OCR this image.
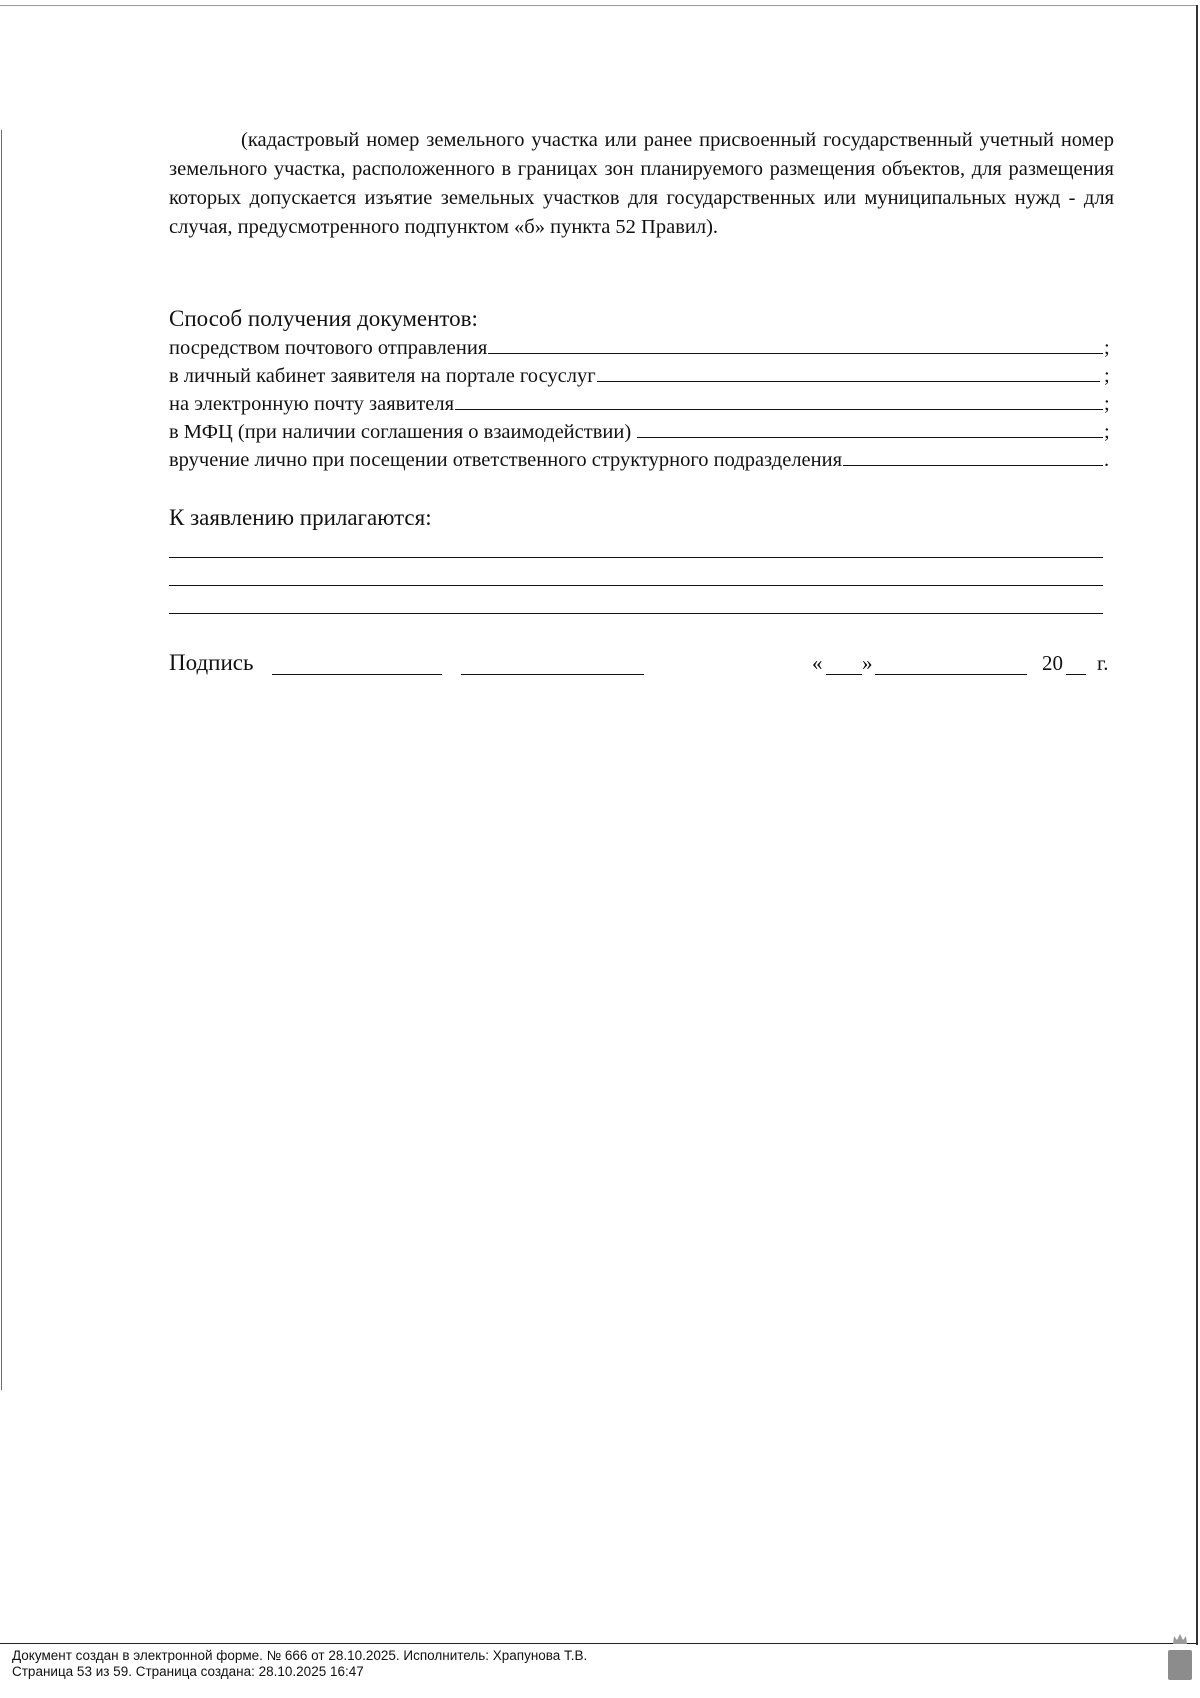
(кадастровый номер земельного участка или ранее присвоенный государственный учетный номер земельного участка, расположенного в границах зон планируемого размещения объектов, для размещения которых допускается изъятие земельных участков для государственных или муниципальных нужд - для случая, предусмотренного подпунктом «б» пункта 52 Правил).

Способ получения документов:

посредством почтового отправления	;
в личный кабинет заявителя на портале госуслуг	;
на электронную почту заявителя	;
в МФЦ (при наличии соглашения о взаимодействии)	;
вручение лично при посещении ответственного структурного подразделения	.

К заявлению прилагаются:

Подпись	« »	20 г.
Документ создан в электронной форме. № 666 от 28.10.2025. Исполнитель: Храпунова Т.В.
Страница 53 из 59. Страница создана: 28.10.2025 16:47
